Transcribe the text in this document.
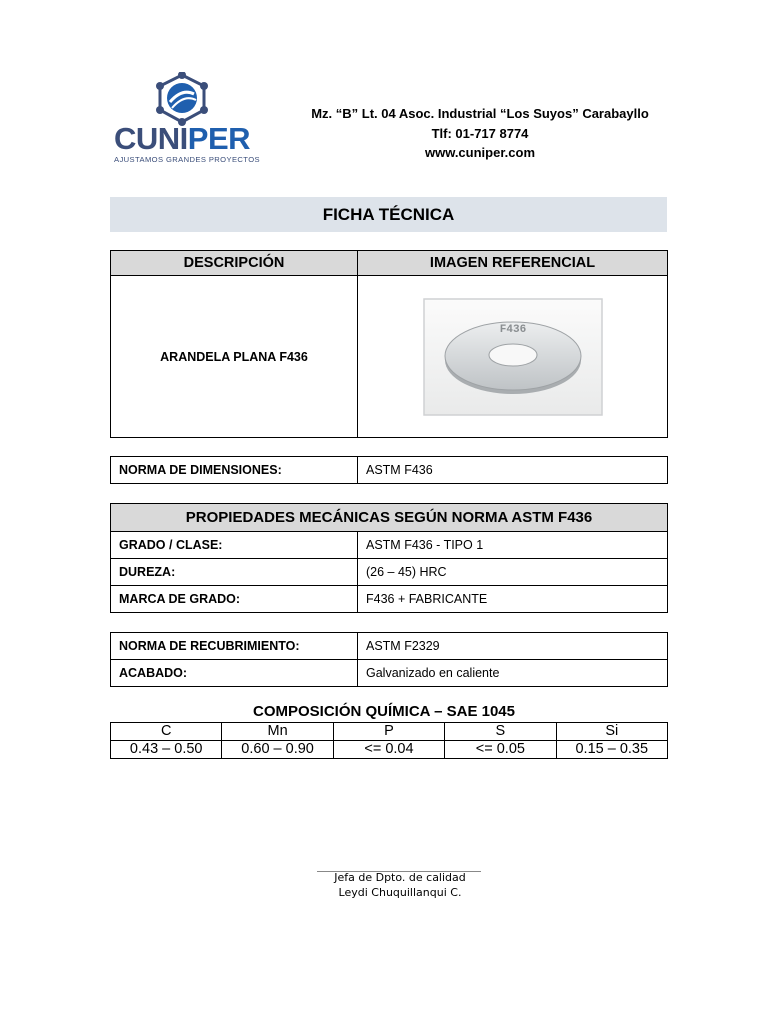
CUNIPER
AJUSTAMOS GRANDES PROYECTOS
Mz. “B” Lt. 04 Asoc. Industrial “Los Suyos” Carabayllo
Tlf: 01-717 8774
www.cuniper.com
FICHA TÉCNICA
DESCRIPCIÓN	IMAGEN REFERENCIAL
ARANDELA PLANA F436	F436
NORMA DE DIMENSIONES:	ASTM F436
PROPIEDADES MECÁNICAS SEGÚN NORMA ASTM F436	
GRADO / CLASE:	ASTM F436 - TIPO 1
DUREZA:	(26 – 45) HRC
MARCA DE GRADO:	F436 + FABRICANTE
NORMA DE RECUBRIMIENTO:	ASTM F2329
ACABADO:	Galvanizado en caliente
COMPOSICIÓN QUÍMICA – SAE 1045
C	Mn	P	S	Si
0.43 – 0.50	0.60 – 0.90	<= 0.04	<= 0.05	0.15 – 0.35
Jefa de Dpto. de calidad
Leydi Chuquillanqui C.
